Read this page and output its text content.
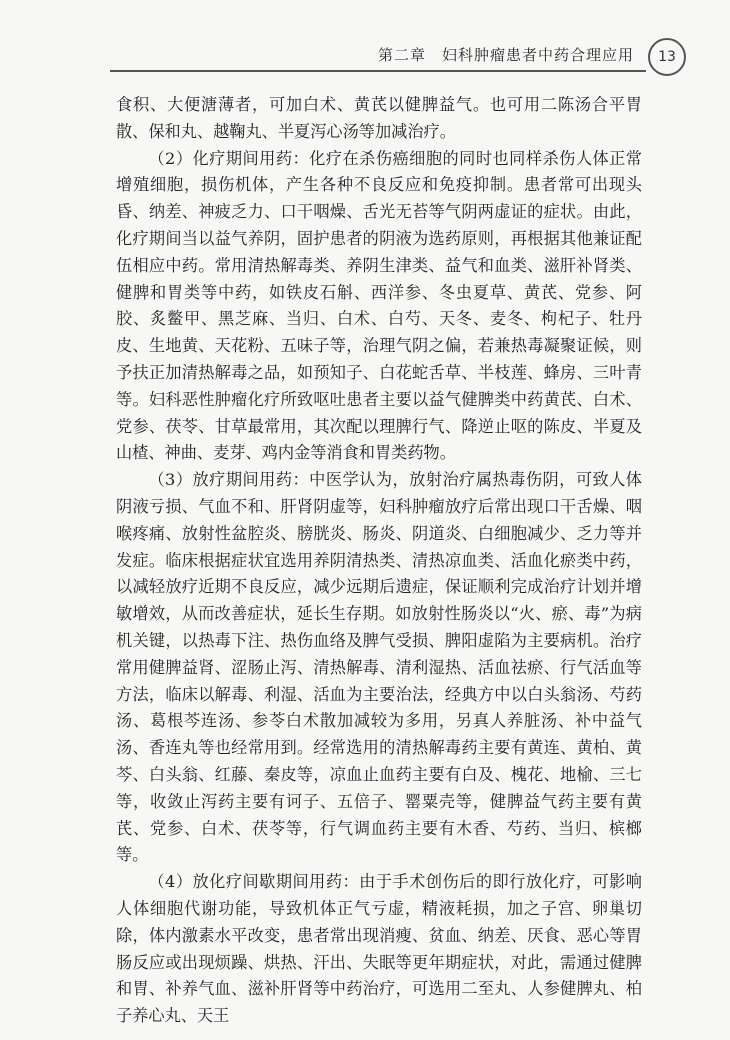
第二章　妇科肿瘤患者中药合理应用 13

食积、大便溏薄者，可加白术、黄芪以健脾益气。也可用二陈汤合平胃散、保和丸、越鞠丸、半夏泻心汤等加减治疗。

（2）化疗期间用药：化疗在杀伤癌细胞的同时也同样杀伤人体正常增殖细胞，损伤机体，产生各种不良反应和免疫抑制。患者常可出现头昏、纳差、神疲乏力、口干咽燥、舌光无苔等气阴两虚证的症状。由此，化疗期间当以益气养阴，固护患者的阴液为选药原则，再根据其他兼证配伍相应中药。常用清热解毒类、养阴生津类、益气和血类、滋肝补肾类、健脾和胃类等中药，如铁皮石斛、西洋参、冬虫夏草、黄芪、党参、阿胶、炙鳖甲、黑芝麻、当归、白术、白芍、天冬、麦冬、枸杞子、牡丹皮、生地黄、天花粉、五味子等，治理气阴之偏，若兼热毒凝聚证候，则予扶正加清热解毒之品，如预知子、白花蛇舌草、半枝莲、蜂房、三叶青等。妇科恶性肿瘤化疗所致呕吐患者主要以益气健脾类中药黄芪、白术、党参、茯苓、甘草最常用，其次配以理脾行气、降逆止呕的陈皮、半夏及山楂、神曲、麦芽、鸡内金等消食和胃类药物。

（3）放疗期间用药：中医学认为，放射治疗属热毒伤阴，可致人体阴液亏损、气血不和、肝肾阴虚等，妇科肿瘤放疗后常出现口干舌燥、咽喉疼痛、放射性盆腔炎、膀胱炎、肠炎、阴道炎、白细胞减少、乏力等并发症。临床根据症状宜选用养阴清热类、清热凉血类、活血化瘀类中药，以减轻放疗近期不良反应，减少远期后遗症，保证顺利完成治疗计划并增敏增效，从而改善症状，延长生存期。如放射性肠炎以“火、瘀、毒”为病机关键，以热毒下注、热伤血络及脾气受损、脾阳虚陷为主要病机。治疗常用健脾益肾、涩肠止泻、清热解毒、清利湿热、活血祛瘀、行气活血等方法，临床以解毒、利湿、活血为主要治法，经典方中以白头翁汤、芍药汤、葛根芩连汤、参苓白术散加减较为多用，另真人养脏汤、补中益气汤、香连丸等也经常用到。经常选用的清热解毒药主要有黄连、黄柏、黄芩、白头翁、红藤、秦皮等，凉血止血药主要有白及、槐花、地榆、三七等，收敛止泻药主要有诃子、五倍子、罂粟壳等，健脾益气药主要有黄芪、党参、白术、茯苓等，行气调血药主要有木香、芍药、当归、槟榔等。

（4）放化疗间歇期间用药：由于手术创伤后的即行放化疗，可影响人体细胞代谢功能，导致机体正气亏虚，精液耗损，加之子宫、卵巢切除，体内激素水平改变，患者常出现消瘦、贫血、纳差、厌食、恶心等胃肠反应或出现烦躁、烘热、汗出、失眠等更年期症状，对此，需通过健脾和胃、补养气血、滋补肝肾等中药治疗，可选用二至丸、人参健脾丸、柏子养心丸、天王
